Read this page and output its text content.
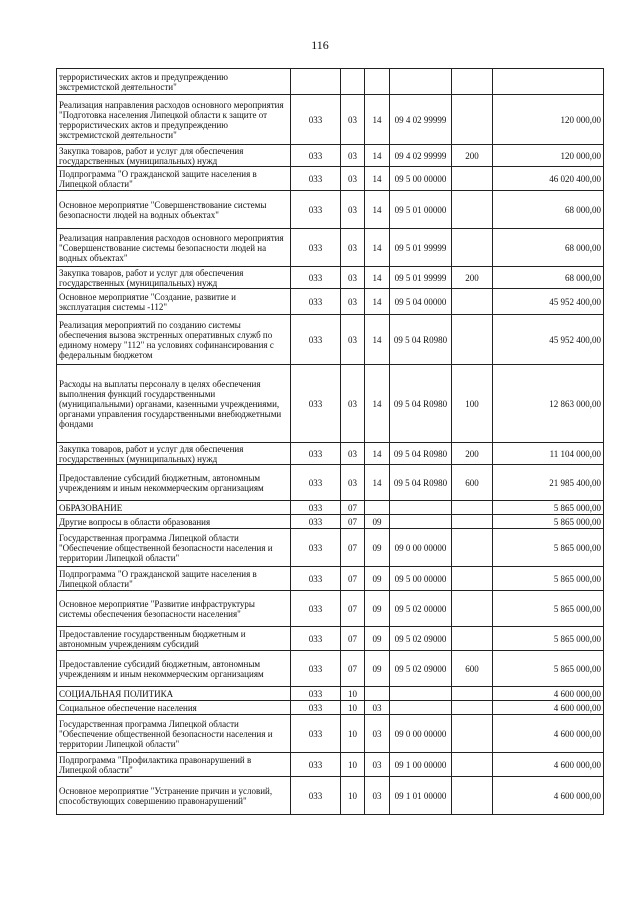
116
террористических актов и предупреждению экстремистской деятельности"						
Реализация направления расходов основного мероприятия "Подготовка населения Липецкой области к защите от террористических актов и предупреждению экстремистской деятельности"	033	03	14	09 4 02 99999		120 000,00
Закупка товаров, работ и услуг для обеспечения государственных (муниципальных) нужд	033	03	14	09 4 02 99999	200	120 000,00
Подпрограмма "О гражданской защите населения в Липецкой области"	033	03	14	09 5 00 00000		46 020 400,00
Основное мероприятие "Совершенствование системы безопасности людей на водных объектах"	033	03	14	09 5 01 00000		68 000,00
Реализация направления расходов основного мероприятия "Совершенствование системы безопасности людей на водных объектах"	033	03	14	09 5 01 99999		68 000,00
Закупка товаров, работ и услуг для обеспечения государственных (муниципальных) нужд	033	03	14	09 5 01 99999	200	68 000,00
Основное мероприятие "Создание, развитие и эксплуатация системы -112"	033	03	14	09 5 04 00000		45 952 400,00
Реализация мероприятий по созданию системы обеспечения вызова экстренных оперативных служб по единому номеру "112" на условиях софинансирования с федеральным бюджетом	033	03	14	09 5 04 R0980		45 952 400,00
Расходы на выплаты персоналу в целях обеспечения выполнения функций государственными (муниципальными) органами, казенными учреждениями, органами управления государственными внебюджетными фондами	033	03	14	09 5 04 R0980	100	12 863 000,00
Закупка товаров, работ и услуг для обеспечения государственных (муниципальных) нужд	033	03	14	09 5 04 R0980	200	11 104 000,00
Предоставление субсидий бюджетным, автономным учреждениям и иным некоммерческим организациям	033	03	14	09 5 04 R0980	600	21 985 400,00
ОБРАЗОВАНИЕ	033	07				5 865 000,00
Другие вопросы в области образования	033	07	09			5 865 000,00
Государственная программа Липецкой области "Обеспечение общественной безопасности населения и территории Липецкой области"	033	07	09	09 0 00 00000		5 865 000,00
Подпрограмма "О гражданской защите населения в Липецкой области"	033	07	09	09 5 00 00000		5 865 000,00
Основное мероприятие "Развитие инфраструктуры системы обеспечения безопасности населения"	033	07	09	09 5 02 00000		5 865 000,00
Предоставление государственным бюджетным и автономным учреждениям субсидий	033	07	09	09 5 02 09000		5 865 000,00
Предоставление субсидий бюджетным, автономным учреждениям и иным некоммерческим организациям	033	07	09	09 5 02 09000	600	5 865 000,00
СОЦИАЛЬНАЯ ПОЛИТИКА	033	10				4 600 000,00
Социальное обеспечение населения	033	10	03			4 600 000,00
Государственная программа Липецкой области "Обеспечение общественной безопасности населения и территории Липецкой области"	033	10	03	09 0 00 00000		4 600 000,00
Подпрограмма "Профилактика правонарушений в Липецкой области"	033	10	03	09 1 00 00000		4 600 000,00
Основное мероприятие "Устранение причин и условий, способствующих совершению правонарушений"	033	10	03	09 1 01 00000		4 600 000,00
